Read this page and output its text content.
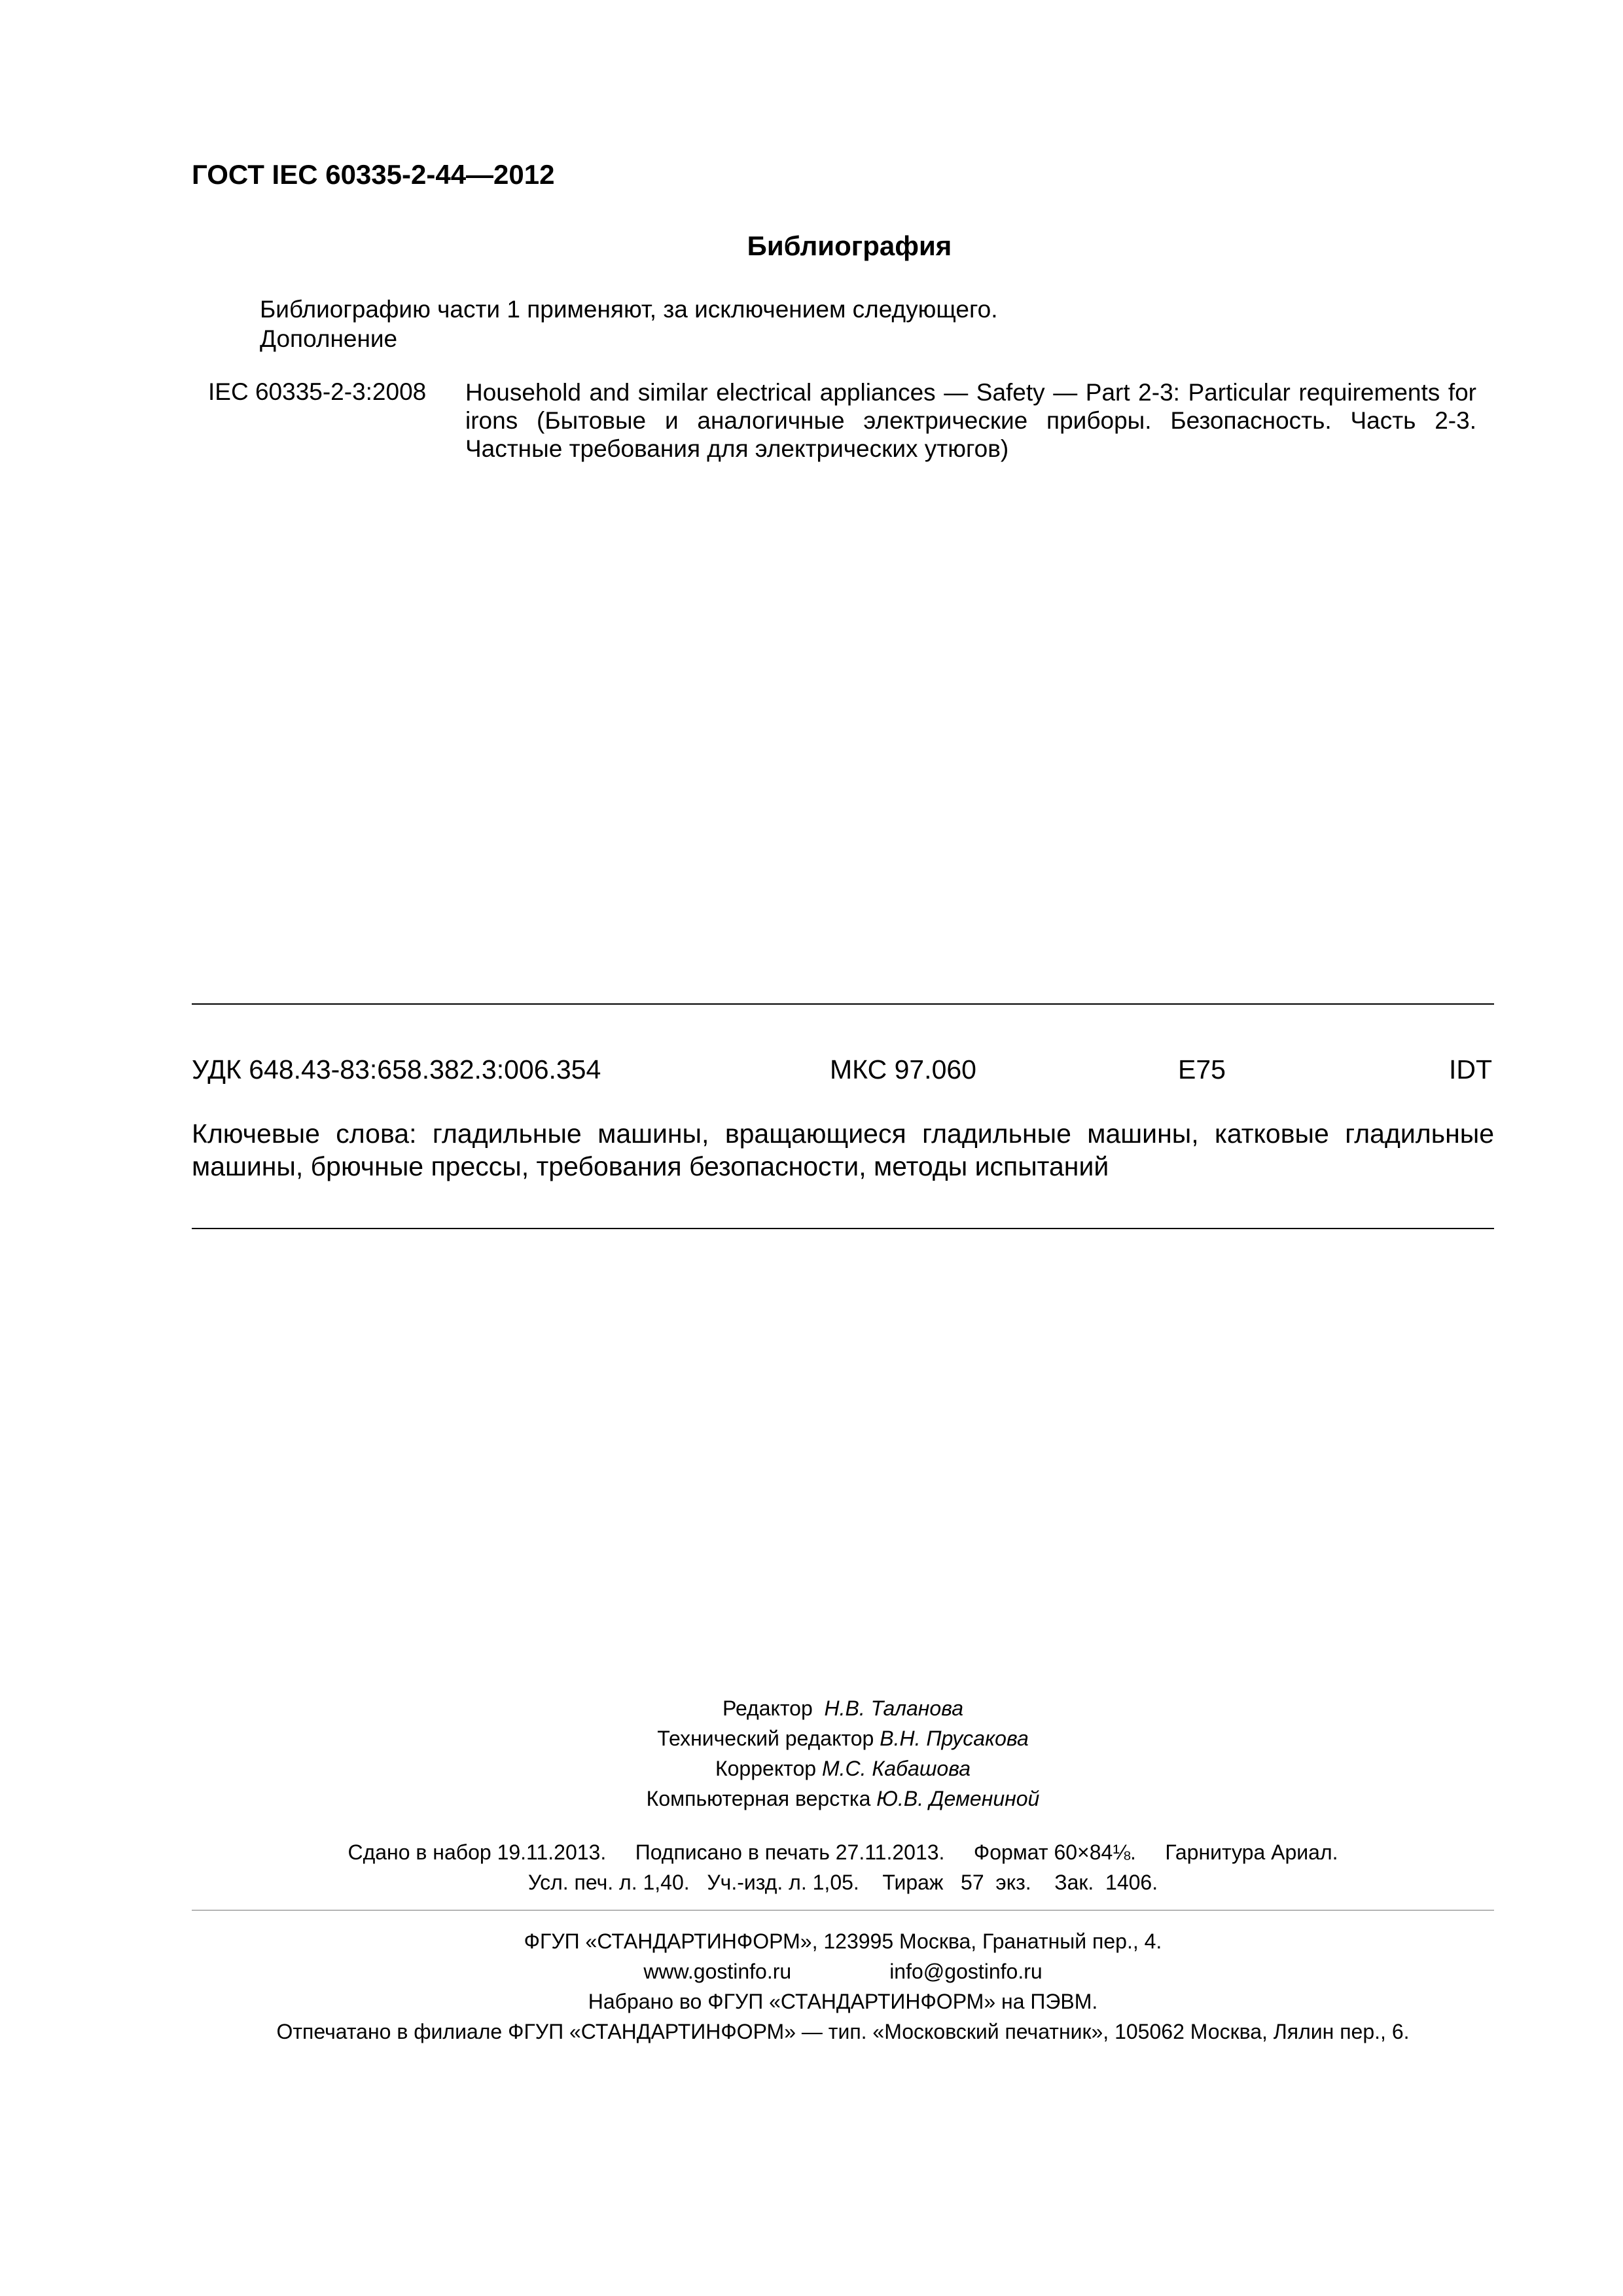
ГОСТ IEC 60335-2-44—2012
Библиография
Библиографию части 1 применяют, за исключением следующего.
Дополнение
IEC 60335-2-3:2008 Household and similar electrical appliances — Safety — Part 2-3: Particular requirements for irons (Бытовые и аналогичные электрические приборы. Безопасность. Часть 2-3. Частные требования для электрических утюгов)
УДК 648.43-83:658.382.3:006.354	МКС 97.060	Е75	IDT
Ключевые слова: гладильные машины, вращающиеся гладильные машины, катковые гладильные машины, брючные прессы, требования безопасности, методы испытаний
Редактор Н.В. Таланова
Технический редактор В.Н. Прусакова
Корректор М.С. Кабашова
Компьютерная верстка Ю.В. Демениной
Сдано в набор 19.11.2013.     Подписано в печать 27.11.2013.     Формат 60×84⅛.     Гарнитура Ариал.
Усл. печ. л. 1,40.   Уч.-изд. л. 1,05.    Тираж   57  экз.    Зак.  1406.
ФГУП «СТАНДАРТИНФОРМ», 123995 Москва, Гранатный пер., 4.
www.gostinfo.ru	info@gostinfo.ru
Набрано во ФГУП «СТАНДАРТИНФОРМ» на ПЭВМ.
Отпечатано в филиале ФГУП «СТАНДАРТИНФОРМ» — тип. «Московский печатник», 105062 Москва, Лялин пер., 6.
